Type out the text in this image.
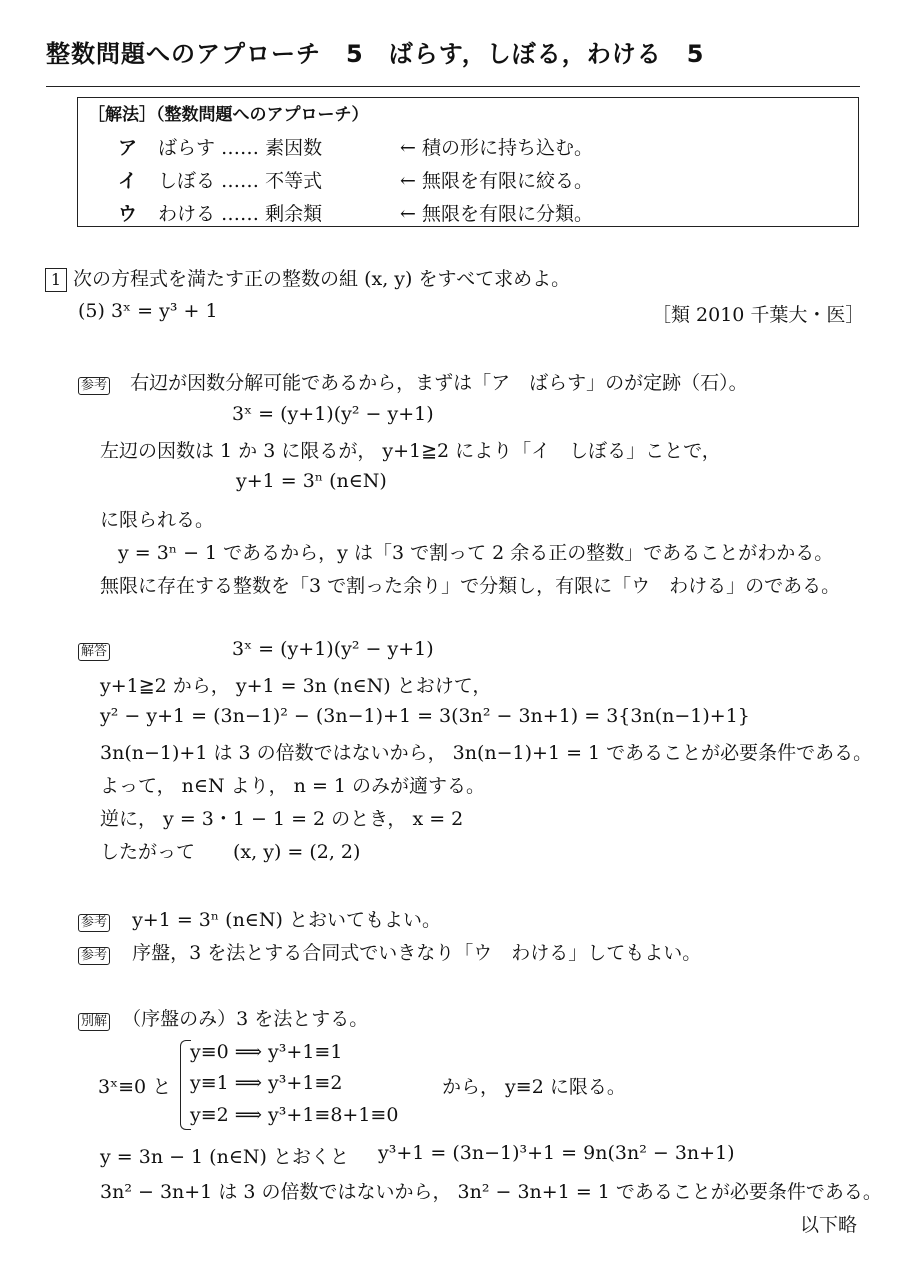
整数問題へのアプローチ　5　ばらす，しぼる，わける　5
［解法］（整数問題へのアプローチ）
ア ばらす …… 素因数	← 積の形に持ち込む。
イ しぼる …… 不等式	← 無限を有限に絞る。
ウ わける …… 剰余類	← 無限を有限に分類。
1 次の方程式を満たす正の整数の組 (x, y) をすべて求めよ。
(5) 3ˣ = y³ + 1	［類 2010 千葉大・医］
参考 右辺が因数分解可能であるから，まずは「ア　ばらす」のが定跡（石）。
3ˣ = (y+1)(y² − y+1)
左辺の因数は 1 か 3 に限るが， y+1≧2 により「イ　しぼる」ことで，
y+1 = 3ⁿ (n∈N)
に限られる。
y = 3ⁿ − 1 であるから，y は「3 で割って 2 余る正の整数」であることがわかる。
無限に存在する整数を「3 で割った余り」で分類し，有限に「ウ　わける」のである。
解答	3ˣ = (y+1)(y² − y+1)
y+1≧2 から， y+1 = 3n (n∈N) とおけて，
y² − y+1 = (3n−1)² − (3n−1)+1 = 3(3n² − 3n+1) = 3{3n(n−1)+1}
3n(n−1)+1 は 3 の倍数ではないから， 3n(n−1)+1 = 1 であることが必要条件である。
よって， n∈N より， n = 1 のみが適する。
逆に， y = 3・1 − 1 = 2 のとき， x = 2
したがって　　(x, y) = (2, 2)
参考 y+1 = 3ⁿ (n∈N) とおいてもよい。
参考 序盤，3 を法とする合同式でいきなり「ウ　わける」してもよい。
別解 （序盤のみ）3 を法とする。
3ˣ≡0 と
y≡0 ⟹ y³+1≡1
y≡1 ⟹ y³+1≡2
y≡2 ⟹ y³+1≡8+1≡0
から， y≡2 に限る。
y = 3n − 1 (n∈N) とおくと y³+1 = (3n−1)³+1 = 9n(3n² − 3n+1)
3n² − 3n+1 は 3 の倍数ではないから， 3n² − 3n+1 = 1 であることが必要条件である。
以下略
